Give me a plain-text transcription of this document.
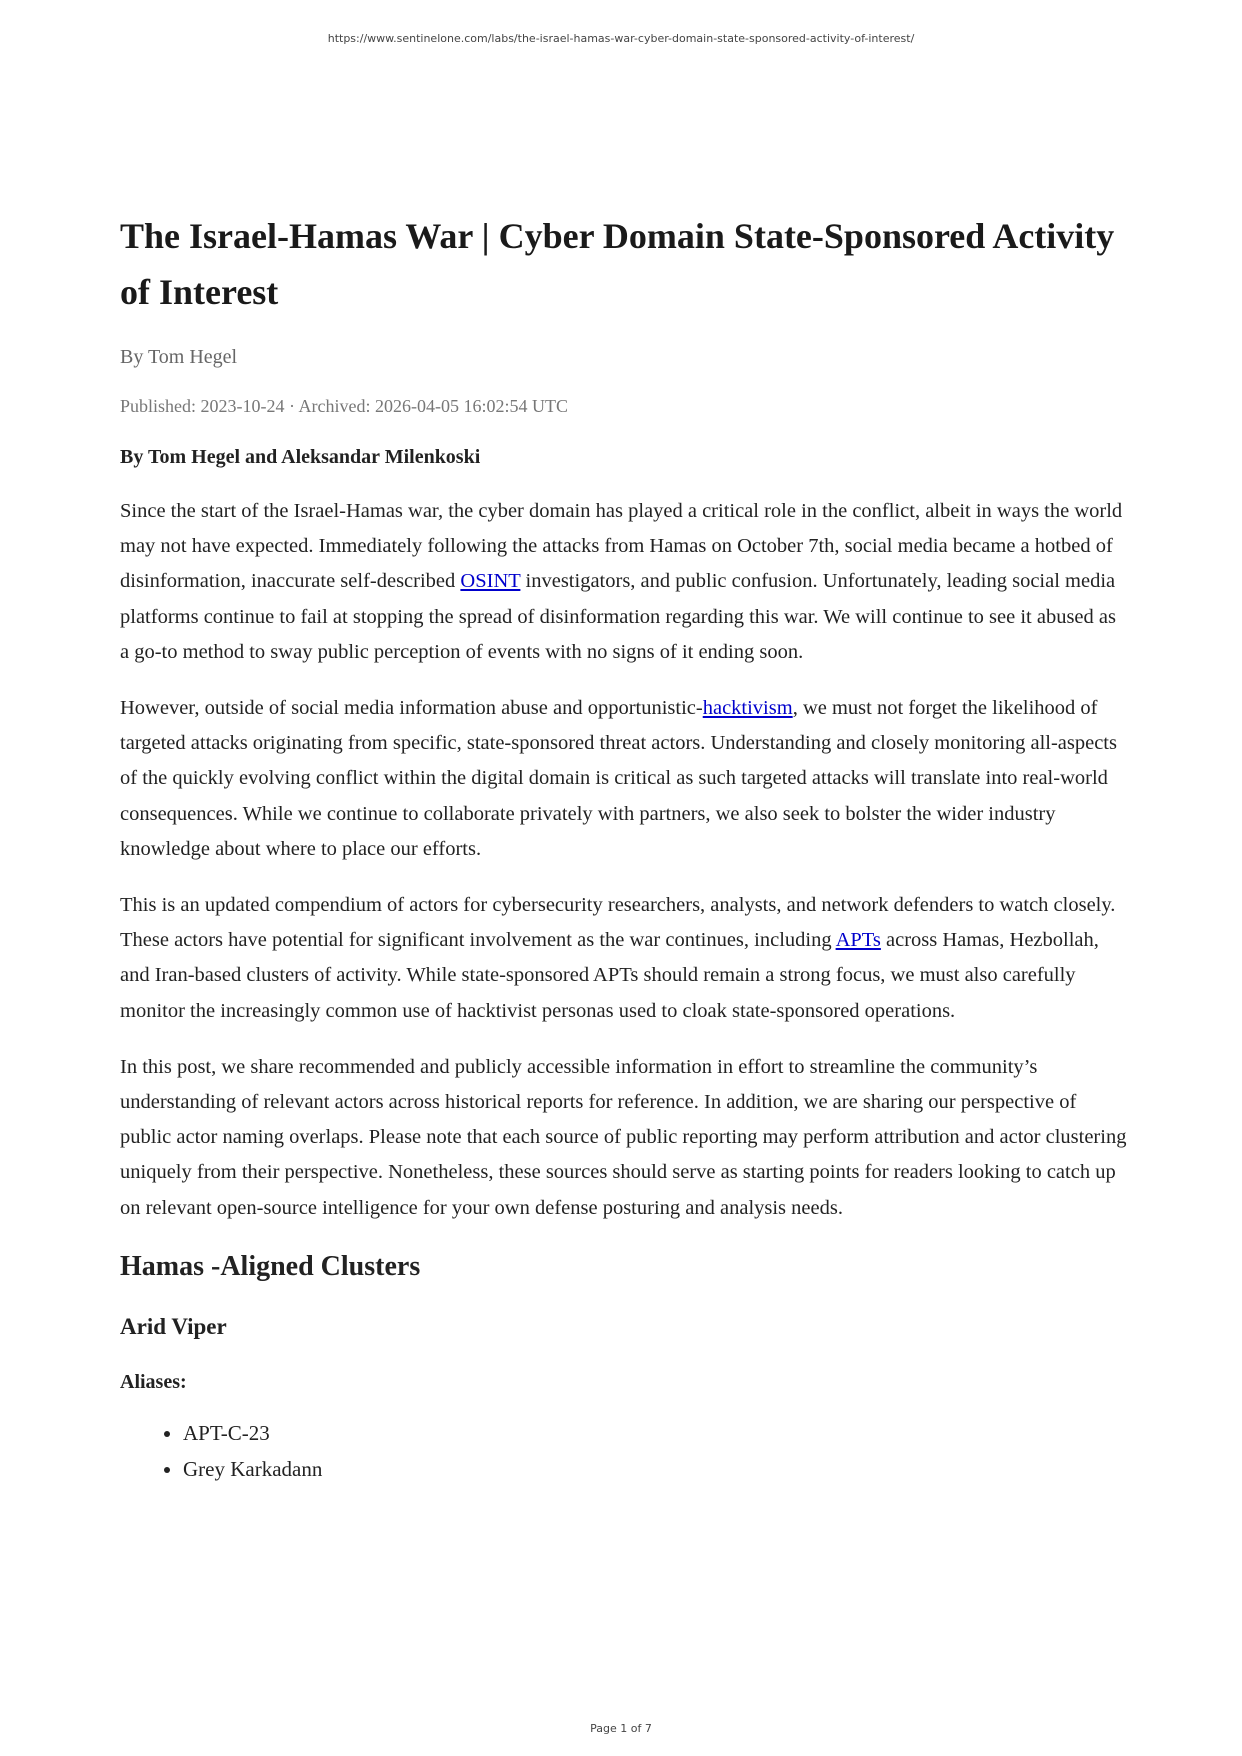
https://www.sentinelone.com/labs/the-israel-hamas-war-cyber-domain-state-sponsored-activity-of-interest/

The Israel-Hamas War | Cyber Domain State-Sponsored Activity of Interest
By Tom Hegel
Published: 2023-10-24 · Archived: 2026-04-05 16:02:54 UTC
By Tom Hegel and Aleksandar Milenkoski

Since the start of the Israel-Hamas war, the cyber domain has played a critical role in the conflict, albeit in ways the world may not have expected. Immediately following the attacks from Hamas on October 7th, social media became a hotbed of disinformation, inaccurate self-described OSINT investigators, and public confusion. Unfortunately, leading social media platforms continue to fail at stopping the spread of disinformation regarding this war. We will continue to see it abused as a go-to method to sway public perception of events with no signs of it ending soon.

However, outside of social media information abuse and opportunistic-hacktivism, we must not forget the likelihood of targeted attacks originating from specific, state-sponsored threat actors. Understanding and closely monitoring all-aspects of the quickly evolving conflict within the digital domain is critical as such targeted attacks will translate into real-world consequences. While we continue to collaborate privately with partners, we also seek to bolster the wider industry knowledge about where to place our efforts.

This is an updated compendium of actors for cybersecurity researchers, analysts, and network defenders to watch closely. These actors have potential for significant involvement as the war continues, including APTs across Hamas, Hezbollah, and Iran-based clusters of activity. While state-sponsored APTs should remain a strong focus, we must also carefully monitor the increasingly common use of hacktivist personas used to cloak state-sponsored operations.

In this post, we share recommended and publicly accessible information in effort to streamline the community’s understanding of relevant actors across historical reports for reference. In addition, we are sharing our perspective of public actor naming overlaps. Please note that each source of public reporting may perform attribution and actor clustering uniquely from their perspective. Nonetheless, these sources should serve as starting points for readers looking to catch up on relevant open-source intelligence for your own defense posturing and analysis needs.

Hamas -Aligned Clusters
Arid Viper
Aliases:
• APT-C-23
• Grey Karkadann

Page 1 of 7
